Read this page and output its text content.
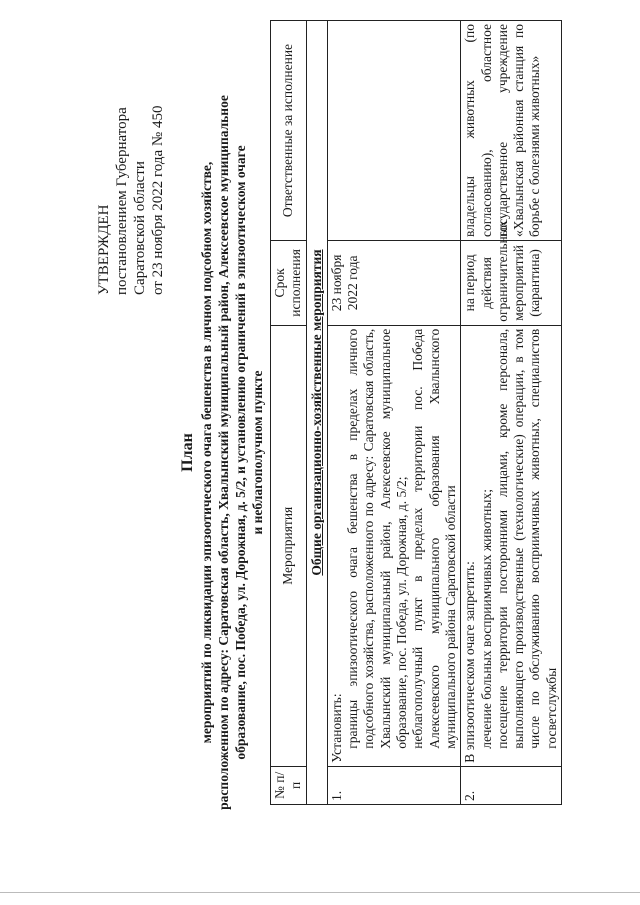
УТВЕРЖДЕН постановлением Губернатора Саратовской области от 23 ноября 2022 года № 450
План мероприятий по ликвидации эпизоотического очага бешенства в личном подсобном хозяйстве, расположенном по адресу: Саратовская область, Хвалынский муниципальный район, Алексеевское муниципальное образование, пос. Победа, ул. Дорожная, д. 5/2, и установлению ограничений в эпизоотическом очаге и неблагополучном пункте
№ п/п	Мероприятия	Срок исполнения	Ответственные за исполнение
Общие организационно-хозяйственные мероприятия			
1.	Установить: границы эпизоотического очага бешенства в пределах личного подсобного хозяйства, расположенного по адресу: Саратовская область, Хвалынский муниципальный район, Алексеевское муниципальное образование, пос. Победа, ул. Дорожная, д. 5/2; неблагополучный пункт в пределах территории пос. Победа Алексеевского муниципального образования Хвалынского муниципального района Саратовской области	23 ноября 2022 года	
2.	В эпизоотическом очаге запретить: лечение больных восприимчивых животных; посещение территории посторонними лицами, кроме персонала, выполняющего производственные (технологические) операции, в том числе по обслуживанию восприимчивых животных, специалистов госветслужбы	на период действия ограничительных мероприятий (карантина)	владельцы животных (по согласованию), областное государственное учреждение «Хвалынская районная станция по борьбе с болезнями животных»
